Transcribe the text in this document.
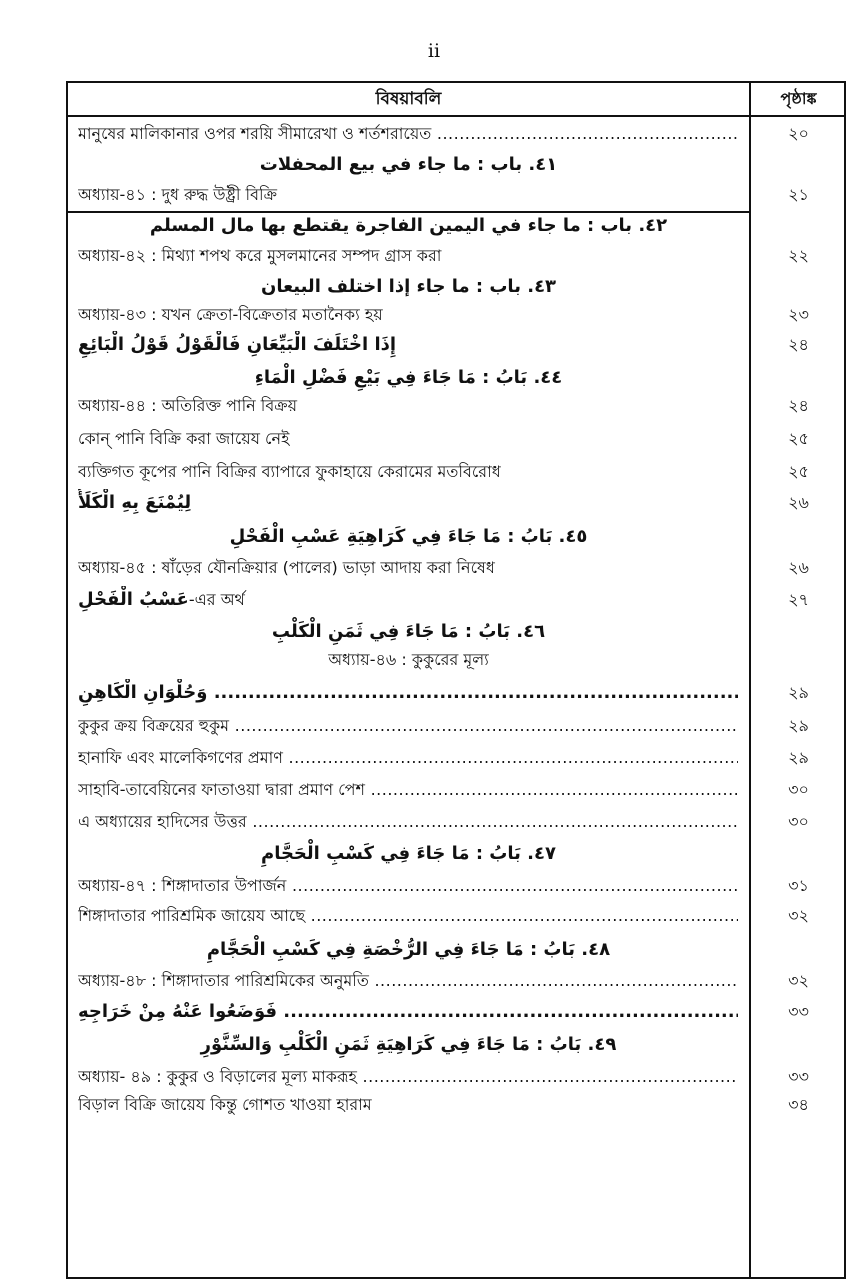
ii
বিষয়াবলি	পৃষ্ঠাঙ্ক
মানুষের মালিকানার ওপর শরয়ি সীমারেখা ও শর্তশরায়েত .....	২০
٤١. باب : ما جاء في بيع المحفلات
অধ্যায়-৪১ : দুধ রুদ্ধ উষ্ট্রী বিক্রি	২১
٤٢. باب : ما جاء في اليمين الفاجرة يقتطع بها مال المسلم
অধ্যায়-৪২ : মিথ্যা শপথ করে মুসলমানের সম্পদ গ্রাস করা	২২
٤٣. باب : ما جاء إذا اختلف البيعان
অধ্যায়-৪৩ : যখন ক্রেতা-বিক্রেতার মতানৈক্য হয়	২৩
إِذَا اخْتَلَفَ الْبَيِّعَانِ فَالْقَوْلُ قَوْلُ الْبَائِعِ	২৪
٤٤. بَابُ : مَا جَاءَ فِي بَيْعِ فَضْلِ الْمَاءِ
অধ্যায়-৪৪ : অতিরিক্ত পানি বিক্রয়	২৪
কোন্‌ পানি বিক্রি করা জায়েয নেই	২৫
ব্যক্তিগত কূপের পানি বিক্রির ব্যাপারে ফুকাহায়ে কেরামের মতবিরোধ	২৫
لِيُمْنَعَ بِهِ الْكَلَأُ	২৬
٤٥. بَابُ : مَا جَاءَ فِي كَرَاهِيَةِ عَسْبِ الْفَحْلِ
অধ্যায়-৪৫ : ষাঁড়ের যৌনক্রিয়ার (পালের) ভাড়া আদায় করা নিষেধ	২৬
عَسْبُ الْفَحْلِ-এর অর্থ	২৭
٤٦. بَابُ : مَا جَاءَ فِي ثَمَنِ الْكَلْبِ
অধ্যায়-৪৬ : কুকুরের মূল্য
وَحُلْوَانِ الْكَاهِنِ .....	২৯
কুকুর ক্রয় বিক্রয়ের হুকুম .....	২৯
হানাফি এবং মালেকিগণের প্রমাণ .....	২৯
সাহাবি-তাবেয়িনের ফাতাওয়া দ্বারা প্রমাণ পেশ .....	৩০
এ অধ্যায়ের হাদিসের উত্তর .....	৩০
٤٧. بَابُ : مَا جَاءَ فِي كَسْبِ الْحَجَّامِ
অধ্যায়-৪৭ : শিঙ্গাদাতার উপার্জন .....	৩১
শিঙ্গাদাতার পারিশ্রমিক জায়েয আছে .....	৩২
٤٨. بَابُ : مَا جَاءَ فِي الرُّخْصَةِ فِي كَسْبِ الْحَجَّامِ
অধ্যায়-৪৮ : শিঙ্গাদাতার পারিশ্রমিকের অনুমতি .....	৩২
فَوَضَعُوا عَنْهُ مِنْ خَرَاجِهِ .....	৩৩
٤٩. بَابُ : مَا جَاءَ فِي كَرَاهِيَةِ ثَمَنِ الْكَلْبِ وَالسِّنَّوْرِ
অধ্যায়- ৪৯ : কুকুর ও বিড়ালের মূল্য মাকরূহ .....	৩৩
বিড়াল বিক্রি জায়েয কিন্তু গোশত খাওয়া হারাম	৩৪
